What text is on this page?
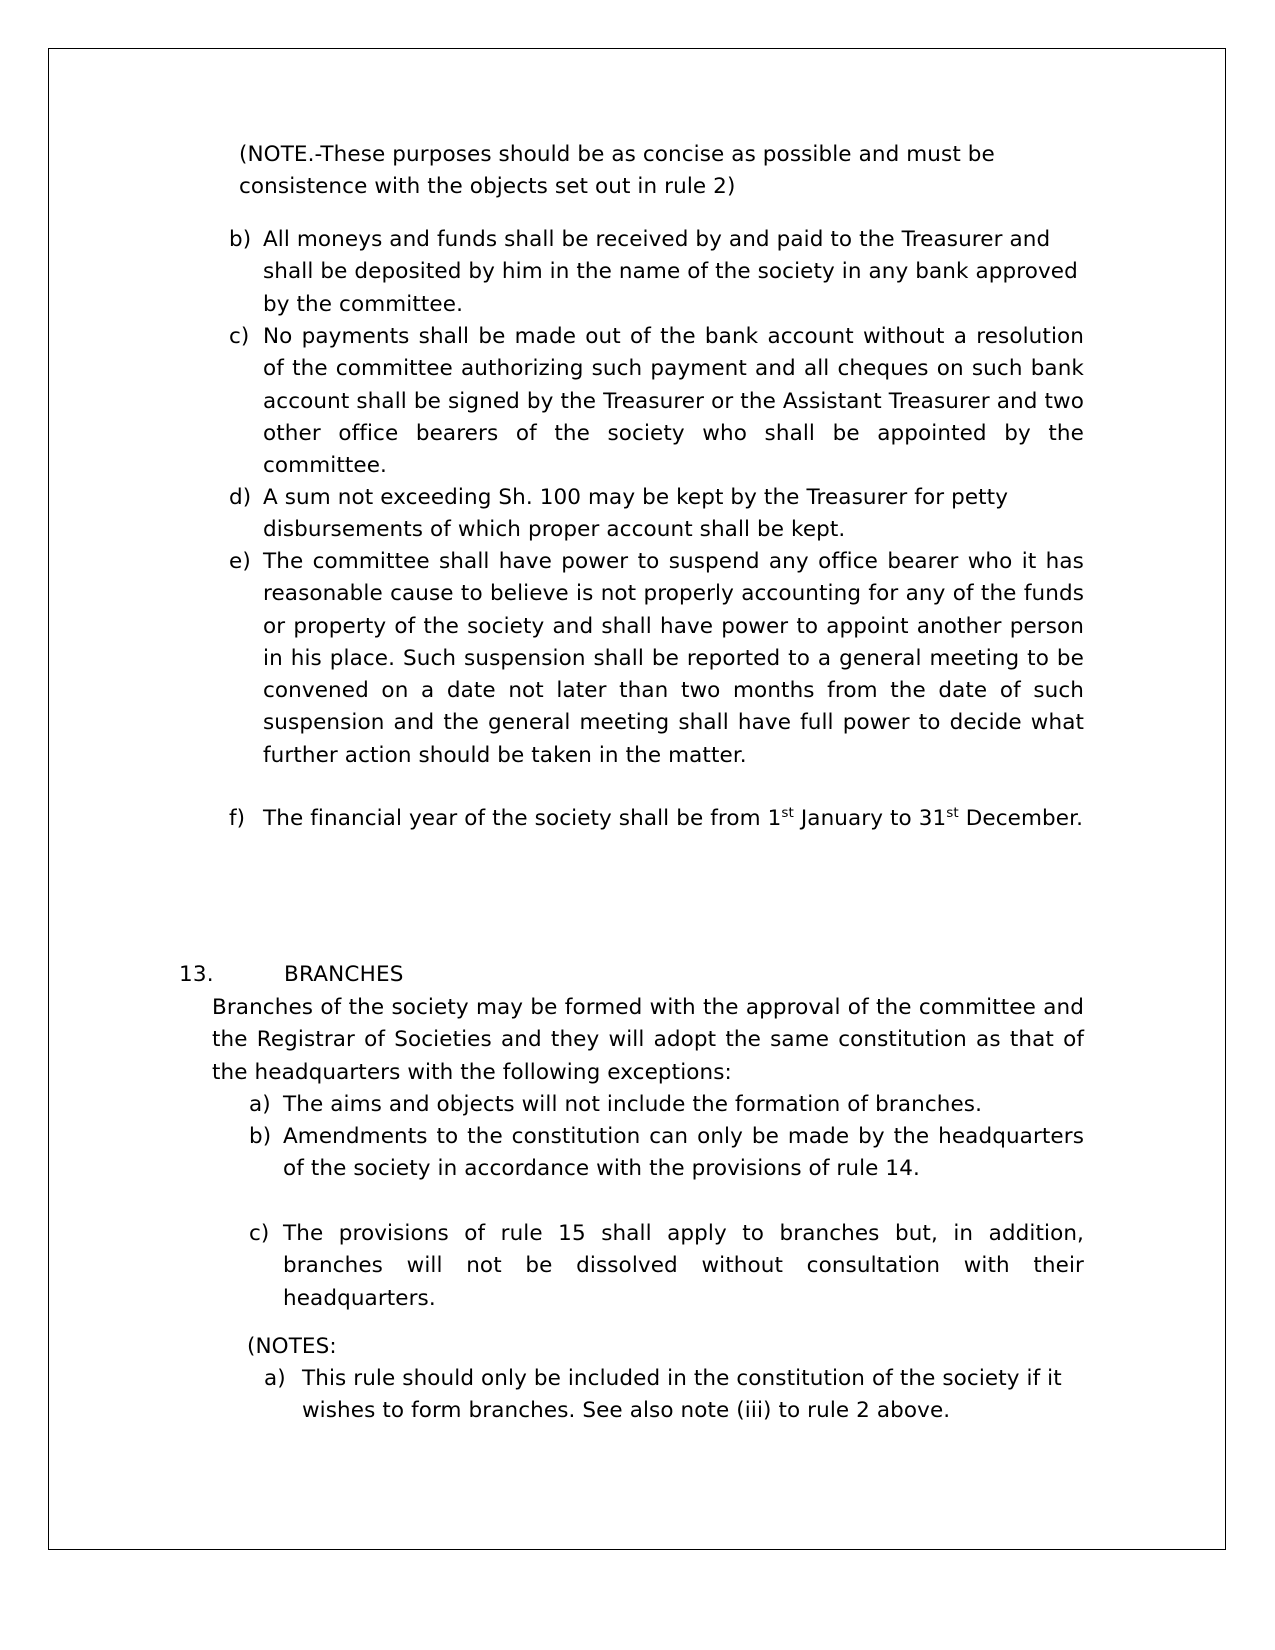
(NOTE.-These purposes should be as concise as possible and must be consistence with the objects set out in rule 2)
b) All moneys and funds shall be received by and paid to the Treasurer and shall be deposited by him in the name of the society in any bank approved by the committee.
c) No payments shall be made out of the bank account without a resolution of the committee authorizing such payment and all cheques on such bank account shall be signed by the Treasurer or the Assistant Treasurer and two other office bearers of the society who shall be appointed by the committee.
d) A sum not exceeding Sh. 100 may be kept by the Treasurer for petty disbursements of which proper account shall be kept.
e) The committee shall have power to suspend any office bearer who it has reasonable cause to believe is not properly accounting for any of the funds or property of the society and shall have power to appoint another person in his place. Such suspension shall be reported to a general meeting to be convened on a date not later than two months from the date of such suspension and the general meeting shall have full power to decide what further action should be taken in the matter.
f) The financial year of the society shall be from 1st January to 31st December.
13.	BRANCHES
Branches of the society may be formed with the approval of the committee and the Registrar of Societies and they will adopt the same constitution as that of the headquarters with the following exceptions:
a) The aims and objects will not include the formation of branches.
b) Amendments to the constitution can only be made by the headquarters of the society in accordance with the provisions of rule 14.
c) The provisions of rule 15 shall apply to branches but, in addition, branches will not be dissolved without consultation with their headquarters.
(NOTES:
a) This rule should only be included in the constitution of the society if it wishes to form branches. See also note (iii) to rule 2 above.
